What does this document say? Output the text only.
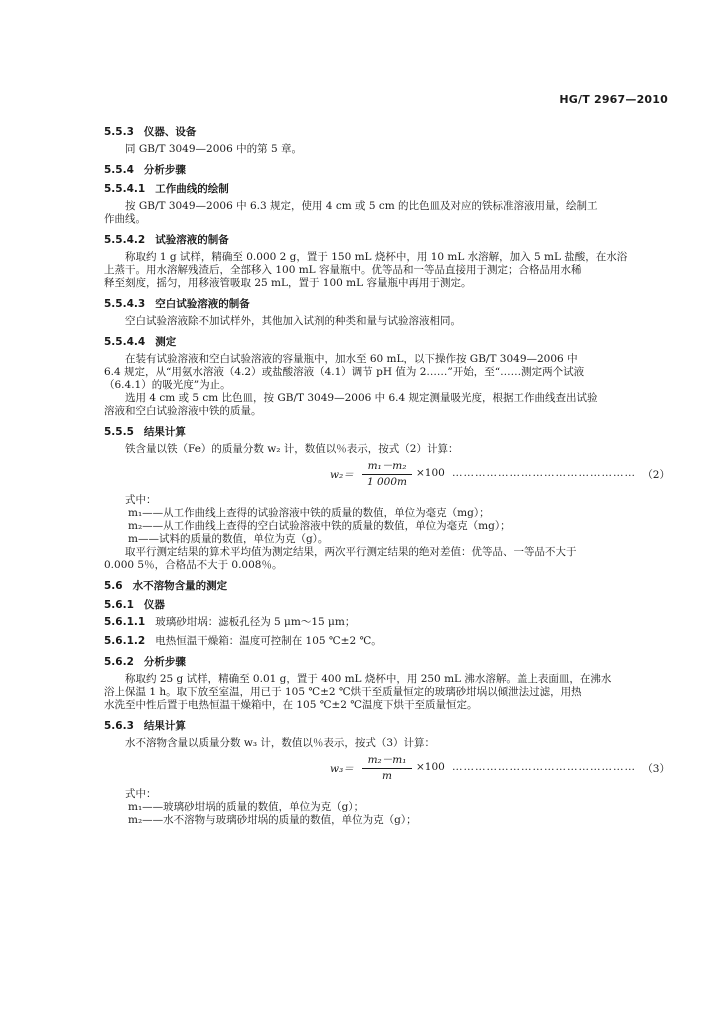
HG/T 2967—2010
5.5.3 仪器、设备
同 GB/T 3049—2006 中的第 5 章。
5.5.4 分析步骤
5.5.4.1 工作曲线的绘制
按 GB/T 3049—2006 中 6.3 规定，使用 4 cm 或 5 cm 的比色皿及对应的铁标准溶液用量，绘制工
作曲线。
5.5.4.2 试验溶液的制备
称取约 1 g 试样，精确至 0.000 2 g，置于 150 mL 烧杯中，用 10 mL 水溶解，加入 5 mL 盐酸，在水浴
上蒸干。用水溶解残渣后，全部移入 100 mL 容量瓶中。优等品和一等品直接用于测定；合格品用水稀
释至刻度，摇匀，用移液管吸取 25 mL，置于 100 mL 容量瓶中再用于测定。
5.5.4.3 空白试验溶液的制备
空白试验溶液除不加试样外，其他加入试剂的种类和量与试验溶液相同。
5.5.4.4 测定
在装有试验溶液和空白试验溶液的容量瓶中，加水至 60 mL，以下操作按 GB/T 3049—2006 中
6.4 规定，从“用氨水溶液（4.2）或盐酸溶液（4.1）调节 pH 值为 2……”开始，至“……测定两个试液
（6.4.1）的吸光度”为止。
选用 4 cm 或 5 cm 比色皿，按 GB/T 3049—2006 中 6.4 规定测量吸光度，根据工作曲线查出试验
溶液和空白试验溶液中铁的质量。
5.5.5 结果计算
铁含量以铁（Fe）的质量分数 w₂ 计，数值以％表示，按式（2）计算：
$w_2= \frac{\text{m₁－m₂}}{1 000m} \times 100$ ………………………………………… （2）
式中：
m₁——从工作曲线上查得的试验溶液中铁的质量的数值，单位为毫克（mg）；
m₂——从工作曲线上查得的空白试验溶液中铁的质量的数值，单位为毫克（mg）；
m——试料的质量的数值，单位为克（g）。
取平行测定结果的算术平均值为测定结果，两次平行测定结果的绝对差值：优等品、一等品不大于
0.000 5％，合格品不大于 0.008％。
5.6 水不溶物含量的测定
5.6.1 仪器
5.6.1.1 玻璃砂坩埚：滤板孔径为 5 μm～15 μm；
5.6.1.2 电热恒温干燥箱：温度可控制在 105 ℃±2 ℃。
5.6.2 分析步骤
称取约 25 g 试样，精确至 0.01 g，置于 400 mL 烧杯中，用 250 mL 沸水溶解。盖上表面皿，在沸水
浴上保温 1 h。取下放至室温，用已于 105 ℃±2 ℃烘干至质量恒定的玻璃砂坩埚以倾泄法过滤，用热
水洗至中性后置于电热恒温干燥箱中，在 105 ℃±2 ℃温度下烘干至质量恒定。
5.6.3 结果计算
水不溶物含量以质量分数 w₃ 计，数值以％表示，按式（3）计算：
$w_3= \frac{\text{m₂－m₁}}{m} \times 100$ ………………………………………… （3）
式中：
m₁——玻璃砂坩埚的质量的数值，单位为克（g）；
m₂——水不溶物与玻璃砂坩埚的质量的数值，单位为克（g）；
